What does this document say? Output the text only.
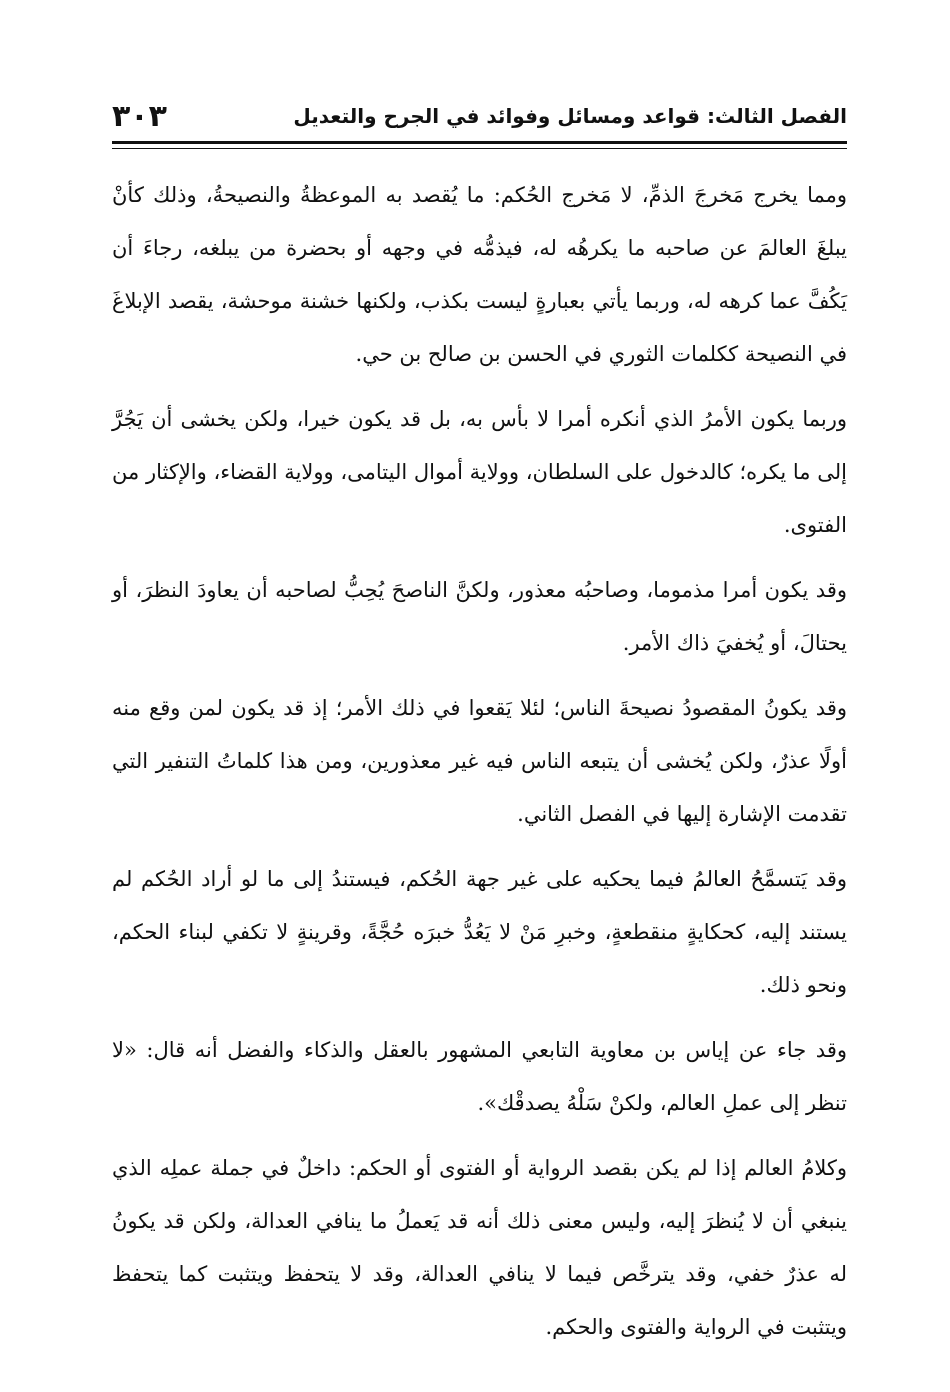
الفصل الثالث: قواعد ومسائل وفوائد في الجرح والتعديل
٣٠٣

ومما يخرج مَخرجَ الذمِّ، لا مَخرج الحُكم: ما يُقصد به الموعظةُ والنصيحةُ، وذلك كأنْ يبلغَ العالمَ عن صاحبه ما يكرهُه له، فيذمُّه في وجهه أو بحضرة من يبلغه، رجاءَ أن يَكُفَّ عما كرهه له، وربما يأتي بعبارةٍ ليست بكذب، ولكنها خشنة موحشة، يقصد الإبلاغَ في النصيحة ككلمات الثوري في الحسن بن صالح بن حي.

وربما يكون الأمرُ الذي أنكره أمرا لا بأس به، بل قد يكون خيرا، ولكن يخشى أن يَجُرَّ إلى ما يكره؛ كالدخول على السلطان، وولاية أموال اليتامى، وولاية القضاء، والإكثار من الفتوى.

وقد يكون أمرا مذموما، وصاحبُه معذور، ولكنَّ الناصحَ يُحِبُّ لصاحبه أن يعاودَ النظرَ، أو يحتالَ، أو يُخفيَ ذاك الأمر.

وقد يكونُ المقصودُ نصيحةَ الناس؛ لئلا يَقعوا في ذلك الأمر؛ إذ قد يكون لمن وقع منه أولًا عذرٌ، ولكن يُخشى أن يتبعه الناس فيه غير معذورين، ومن هذا كلماتُ التنفير التي تقدمت الإشارة إليها في الفصل الثاني.

وقد يَتسمَّحُ العالمُ فيما يحكيه على غير جهة الحُكم، فيستندُ إلى ما لو أراد الحُكم لم يستند إليه، كحكايةٍ منقطعةٍ، وخبرِ مَنْ لا يَعُدُّ خبرَه حُجَّةً، وقرينةٍ لا تكفي لبناء الحكم، ونحو ذلك.

وقد جاء عن إياس بن معاوية التابعي المشهور بالعقل والذكاء والفضل أنه قال: «لا تنظر إلى عملِ العالم، ولكنْ سَلْهُ يصدقْك».

وكلامُ العالم إذا لم يكن بقصد الرواية أو الفتوى أو الحكم: داخلٌ في جملة عملِه الذي ينبغي أن لا يُنظرَ إليه، وليس معنى ذلك أنه قد يَعملُ ما ينافي العدالة، ولكن قد يكونُ له عذرٌ خفي، وقد يترخَّص فيما لا ينافي العدالة، وقد لا يتحفظ ويتثبت كما يتحفظ ويتثبت في الرواية والفتوى والحكم.
